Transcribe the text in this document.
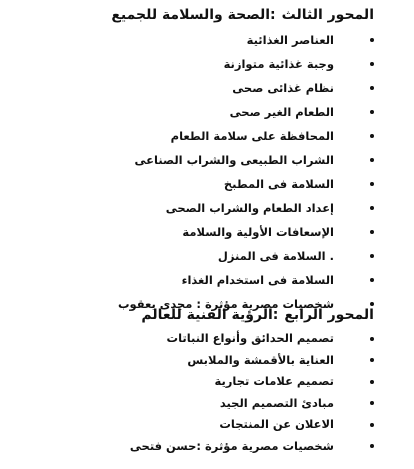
المحور الثالث:الصحة والسلامة للجميع
العناصر الغذائية
وجبة غذائية متوازنة
نظام غذائى صحى
الطعام الغير صحى
المحافظة على سلامة الطعام
الشراب الطبيعى والشراب الصناعى
السلامة فى المطبخ
إعداد الطعام والشراب الصحى
الإسعافات الأولية والسلامة
. السلامة فى المنزل
السلامة فى استخدام الغذاء
شخصيات مصرية مؤثرة : مجدى يعقوب
المحور الرابع:الرؤية الفنية للعالم
تصميم الحدائق وأنواع النباتات
العناية بالأقمشة والملابس
تصميم علامات تجارية
مبادئ التصميم الجيد
الاعلان عن المنتجات
شخصيات مصرية مؤثرة :حسن فتحى
